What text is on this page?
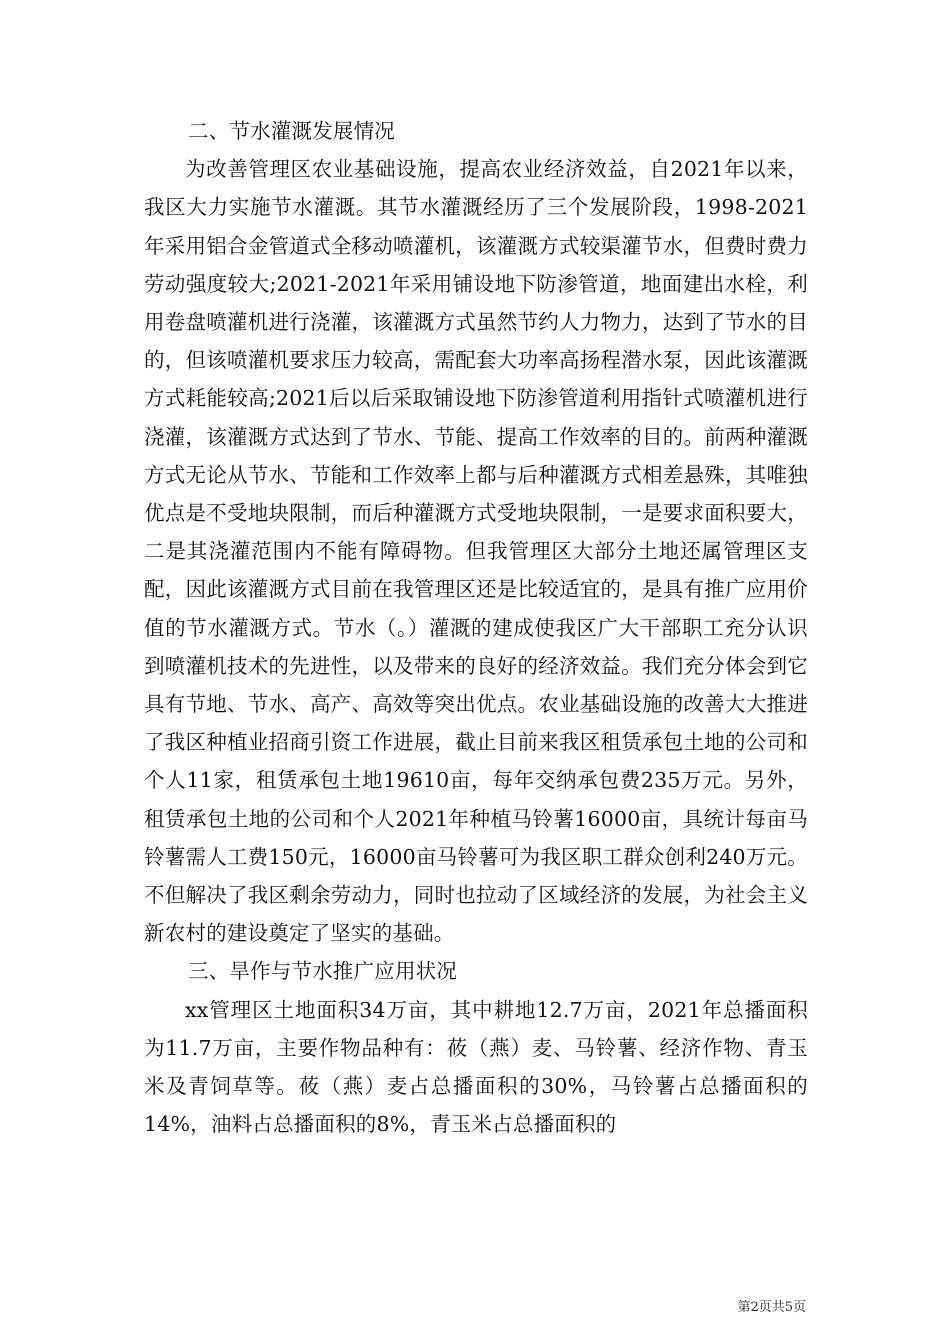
二、节水灌溉发展情况

为改善管理区农业基础设施，提高农业经济效益，自2021年以来，我区大力实施节水灌溉。其节水灌溉经历了三个发展阶段，1998-2021年采用铝合金管道式全移动喷灌机，该灌溉方式较渠灌节水，但费时费力劳动强度较大;2021-2021年采用铺设地下防渗管道，地面建出水栓，利用卷盘喷灌机进行浇灌，该灌溉方式虽然节约人力物力，达到了节水的目的，但该喷灌机要求压力较高，需配套大功率高扬程潜水泵，因此该灌溉方式耗能较高;2021后以后采取铺设地下防渗管道利用指针式喷灌机进行浇灌，该灌溉方式达到了节水、节能、提高工作效率的目的。前两种灌溉方式无论从节水、节能和工作效率上都与后种灌溉方式相差悬殊，其唯独优点是不受地块限制，而后种灌溉方式受地块限制，一是要求面积要大，二是其浇灌范围内不能有障碍物。但我管理区大部分土地还属管理区支配，因此该灌溉方式目前在我管理区还是比较适宜的，是具有推广应用价值的节水灌溉方式。节水（。）灌溉的建成使我区广大干部职工充分认识到喷灌机技术的先进性，以及带来的良好的经济效益。我们充分体会到它具有节地、节水、高产、高效等突出优点。农业基础设施的改善大大推进了我区种植业招商引资工作进展，截止目前来我区租赁承包土地的公司和个人11家，租赁承包土地19610亩，每年交纳承包费235万元。另外，租赁承包土地的公司和个人2021年种植马铃薯16000亩，具统计每亩马铃薯需人工费150元，16000亩马铃薯可为我区职工群众创利240万元。不但解决了我区剩余劳动力，同时也拉动了区域经济的发展，为社会主义新农村的建设奠定了坚实的基础。

三、旱作与节水推广应用状况

xx管理区土地面积34万亩，其中耕地12.7万亩，2021年总播面积为11.7万亩，主要作物品种有：莜（燕）麦、马铃薯、经济作物、青玉米及青饲草等。莜（燕）麦占总播面积的30%，马铃薯占总播面积的14%，油料占总播面积的8%，青玉米占总播面积的

第2页共5页
